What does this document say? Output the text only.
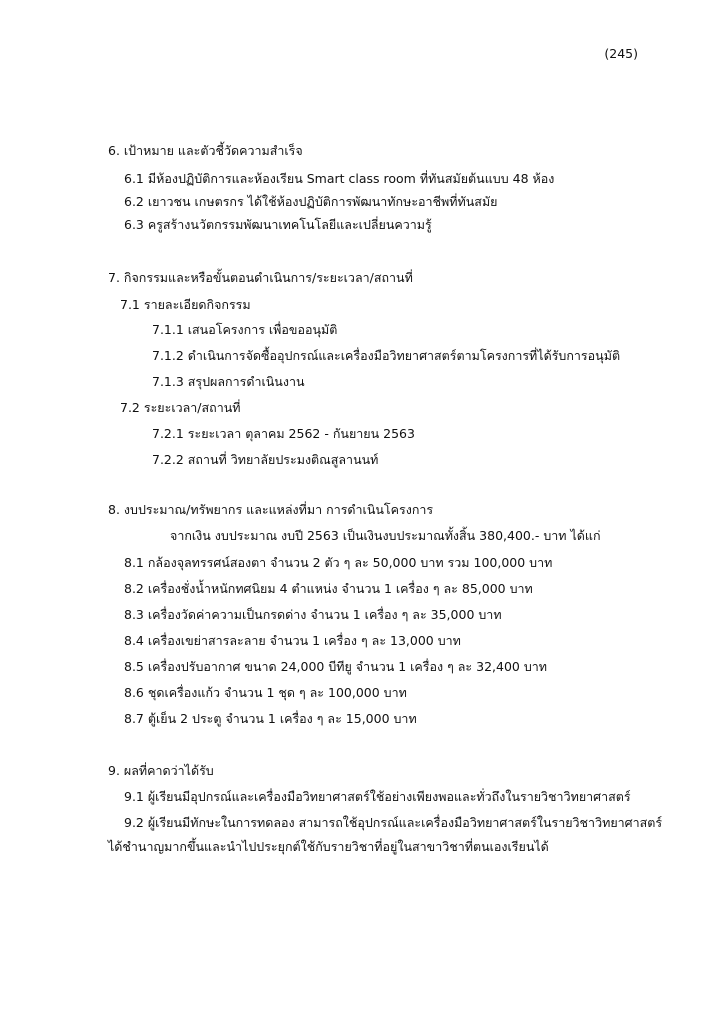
(245)
6. เป้าหมาย และตัวชี้วัดความสำเร็จ
6.1 มีห้องปฏิบัติการและห้องเรียน Smart class room ที่ทันสมัยต้นแบบ 48 ห้อง
6.2 เยาวชน เกษตรกร ได้ใช้ห้องปฏิบัติการพัฒนาทักษะอาชีพที่ทันสมัย
6.3 ครูสร้างนวัตกรรมพัฒนาเทคโนโลยีและเปลี่ยนความรู้
7. กิจกรรมและหรือขั้นตอนดำเนินการ/ระยะเวลา/สถานที่
7.1 รายละเอียดกิจกรรม
7.1.1 เสนอโครงการ เพื่อขออนุมัติ
7.1.2 ดำเนินการจัดซื้ออุปกรณ์และเครื่องมือวิทยาศาสตร์ตามโครงการที่ได้รับการอนุมัติ
7.1.3 สรุปผลการดำเนินงาน
7.2 ระยะเวลา/สถานที่
7.2.1 ระยะเวลา ตุลาคม 2562 - กันยายน 2563
7.2.2 สถานที่ วิทยาลัยประมงติณสูลานนท์
8. งบประมาณ/ทรัพยากร และแหล่งที่มา การดำเนินโครงการ
จากเงิน งบประมาณ งบปี 2563 เป็นเงินงบประมาณทั้งสิ้น 380,400.- บาท ได้แก่
8.1 กล้องจุลทรรศน์สองตา จำนวน 2 ตัว ๆ ละ 50,000 บาท รวม 100,000 บาท
8.2 เครื่องชั่งน้ำหนักทศนิยม 4 ตำแหน่ง จำนวน 1 เครื่อง ๆ ละ 85,000 บาท
8.3 เครื่องวัดค่าความเป็นกรดด่าง จำนวน 1 เครื่อง ๆ ละ 35,000 บาท
8.4 เครื่องเขย่าสารละลาย จำนวน 1 เครื่อง ๆ ละ 13,000 บาท
8.5 เครื่องปรับอากาศ ขนาด 24,000 บีทียู จำนวน 1 เครื่อง ๆ ละ 32,400 บาท
8.6 ชุดเครื่องแก้ว จำนวน 1 ชุด ๆ ละ 100,000 บาท
8.7 ตู้เย็น 2 ประตู จำนวน 1 เครื่อง ๆ ละ 15,000 บาท
9. ผลที่คาดว่าได้รับ
9.1 ผู้เรียนมีอุปกรณ์และเครื่องมือวิทยาศาสตร์ใช้อย่างเพียงพอและทั่วถึงในรายวิชาวิทยาศาสตร์
9.2 ผู้เรียนมีทักษะในการทดลอง สามารถใช้อุปกรณ์และเครื่องมือวิทยาศาสตร์ในรายวิชาวิทยาศาสตร์
ได้ชำนาญมากขึ้นและนำไปประยุกต์ใช้กับรายวิชาที่อยู่ในสาขาวิชาที่ตนเองเรียนได้
